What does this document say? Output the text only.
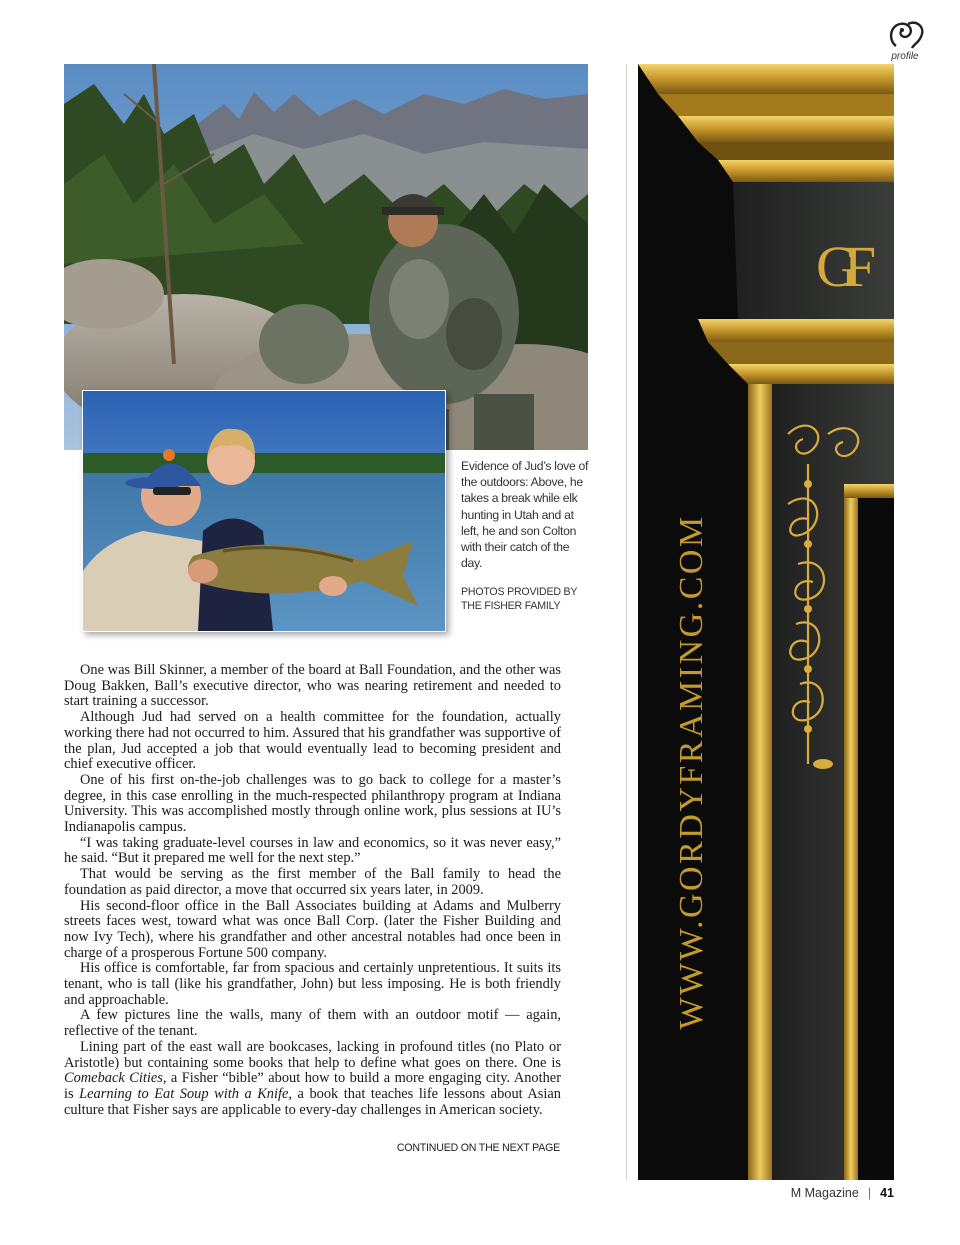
profile
Evidence of Jud’s love of the outdoors: Above, he takes a break while elk hunting in Utah and at left, he and son Colton with their catch of the day.
PHOTOS PROVIDED BY THE FISHER FAMILY

One was Bill Skinner, a member of the board at Ball Foundation, and the other was Doug Bakken, Ball’s executive director, who was nearing retirement and needed to start training a successor.

Although Jud had served on a health committee for the foundation, actually working there had not occurred to him. Assured that his grandfather was supportive of the plan, Jud accepted a job that would eventually lead to becoming president and chief executive officer.

One of his first on-the-job challenges was to go back to college for a master’s degree, in this case enrolling in the much-respected philanthropy program at Indiana University. This was accomplished mostly through online work, plus sessions at IU’s Indianapolis campus.

“I was taking graduate-level courses in law and economics, so it was never easy,” he said. “But it prepared me well for the next step.”

That would be serving as the first member of the Ball family to head the foundation as paid director, a move that occurred six years later, in 2009.

His second-floor office in the Ball Associates building at Adams and Mulberry streets faces west, toward what was once Ball Corp. (later the Fisher Building and now Ivy Tech), where his grandfather and other ancestral notables had once been in charge of a prosperous Fortune 500 company.

His office is comfortable, far from spacious and certainly unpretentious. It suits its tenant, who is tall (like his grandfather, John) but less imposing. He is both friendly and approachable.

A few pictures line the walls, many of them with an outdoor motif — again, reflective of the tenant.

Lining part of the east wall are bookcases, lacking in profound titles (no Plato or Aristotle) but containing some books that help to define what goes on there. One is Comeback Cities, a Fisher “bible” about how to build a more engaging city. Another is Learning to Eat Soup with a Knife, a book that teaches life lessons about Asian culture that Fisher says are applicable to every-day challenges in American society.

CONTINUED ON THE NEXT PAGE
GF
WWW.GORDYFRAMING.COM
M Magazine | 41
